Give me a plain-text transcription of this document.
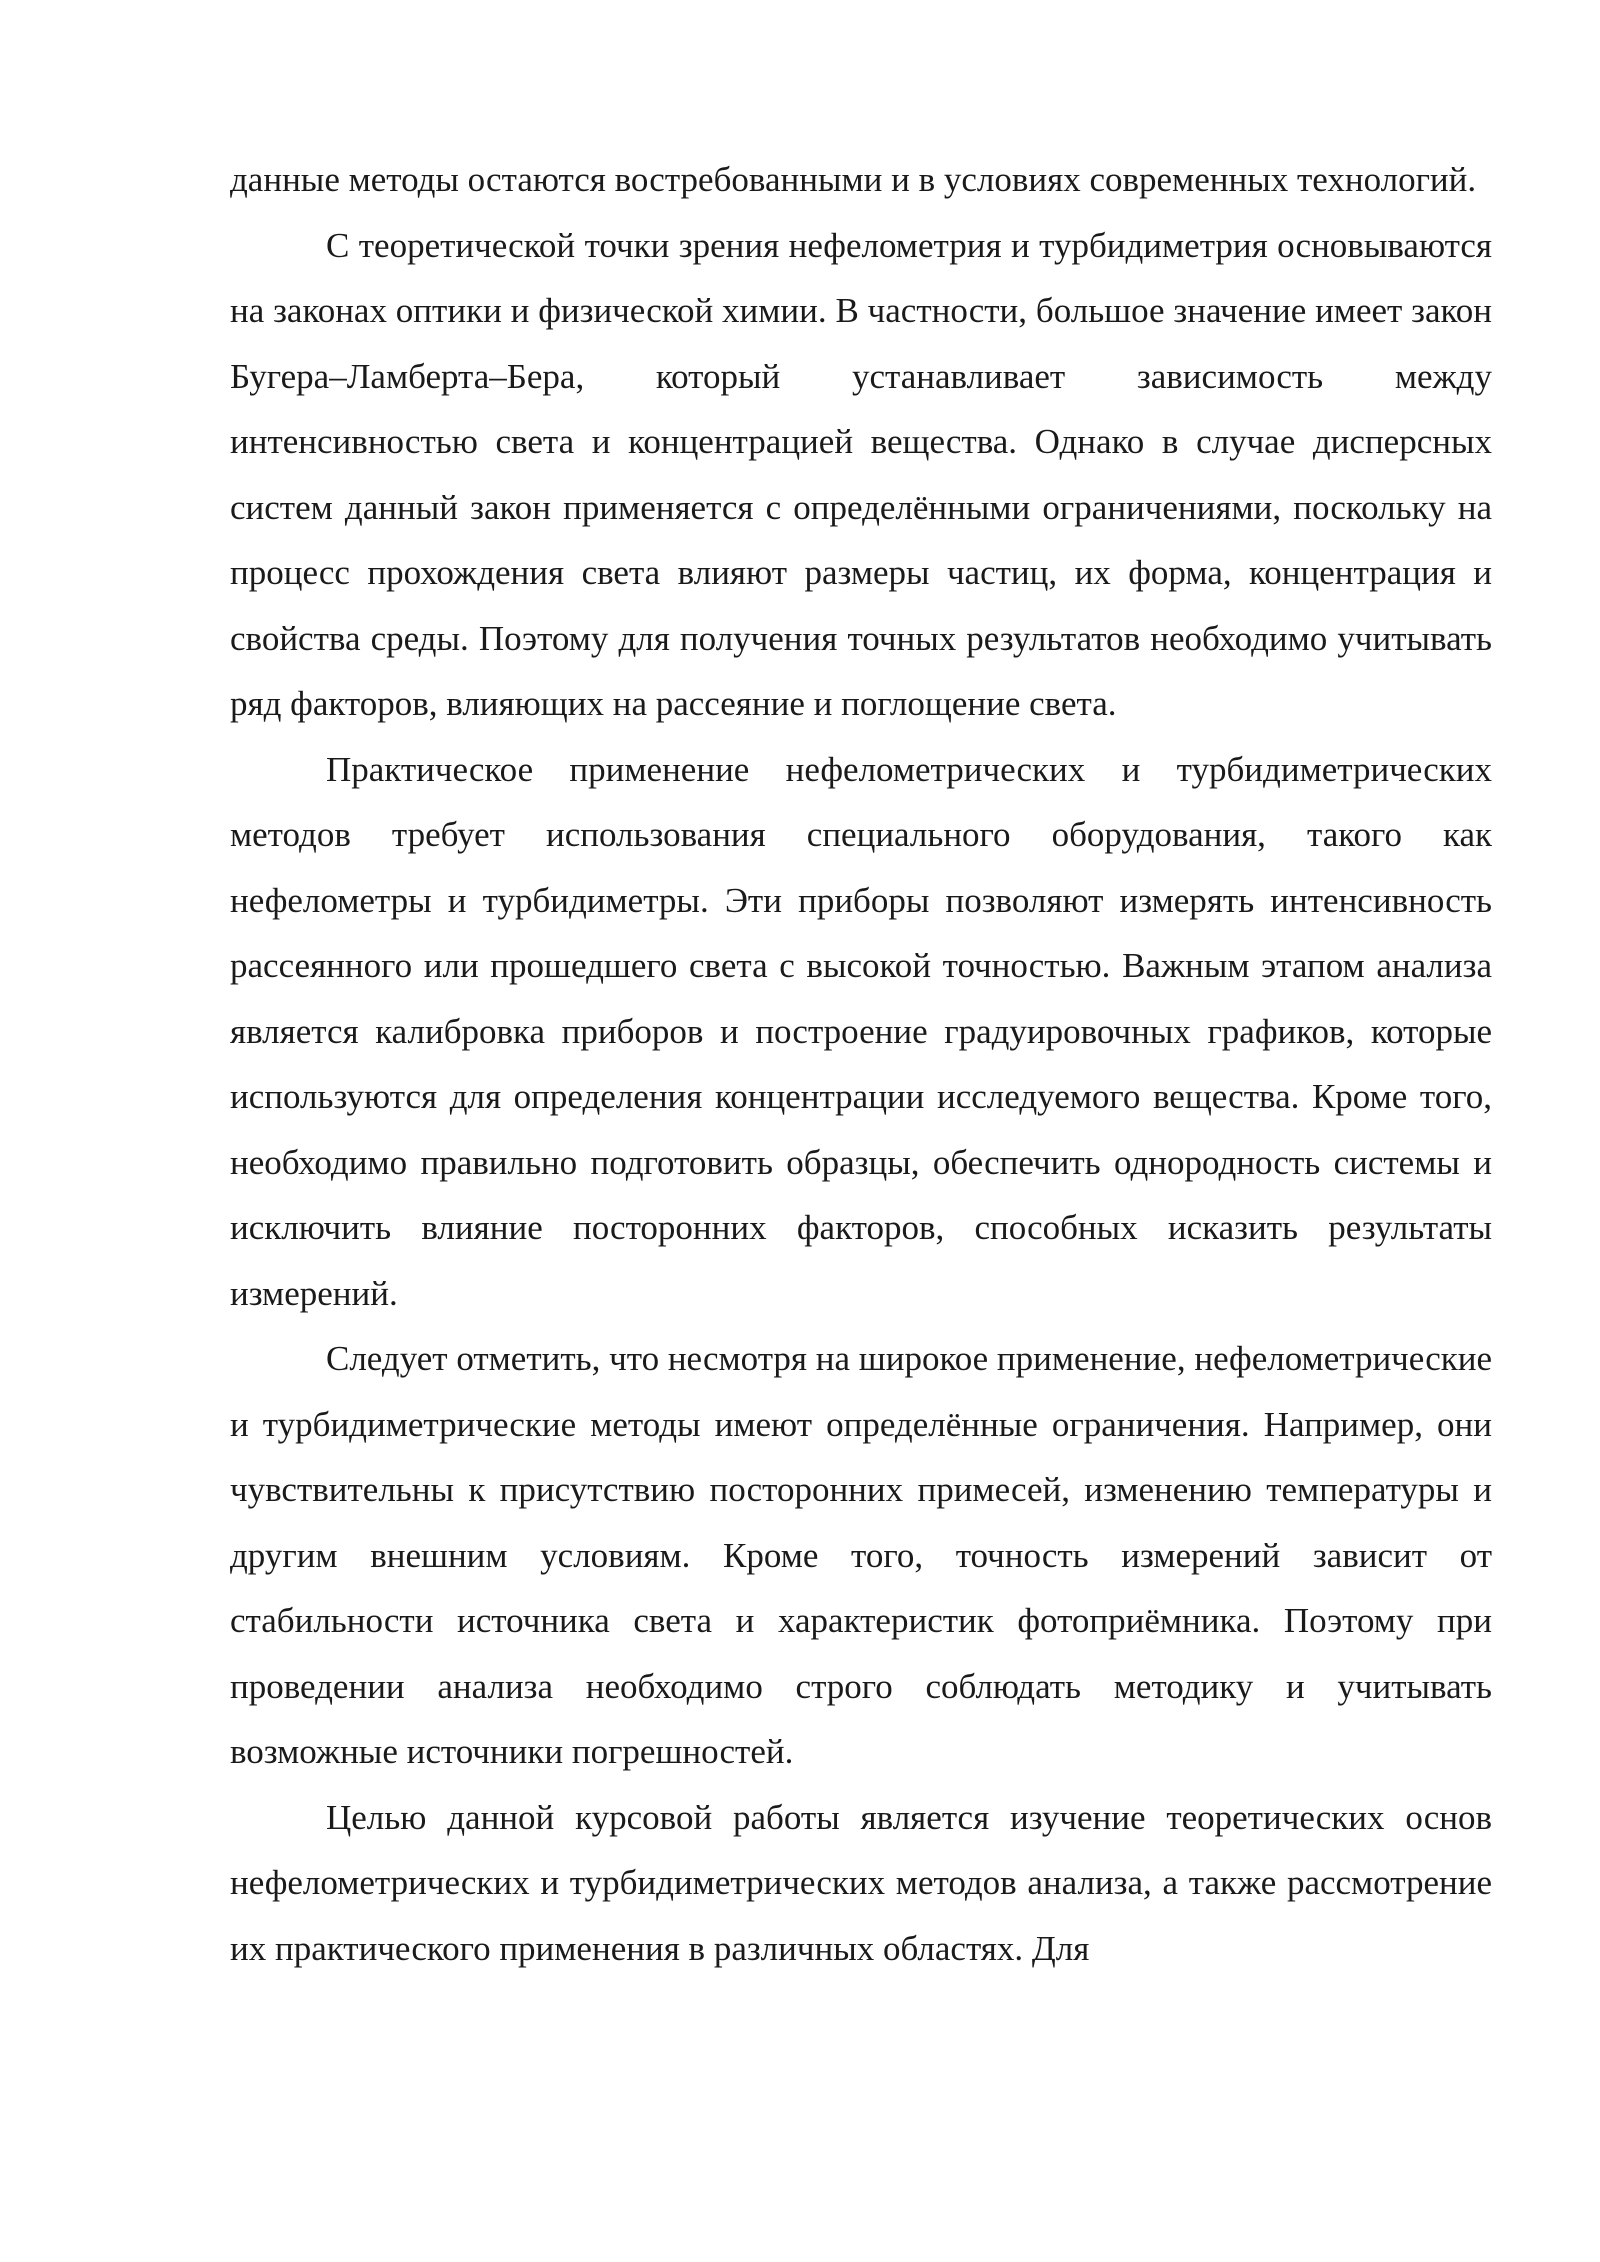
данные методы остаются востребованными и в условиях современных технологий.

С теоретической точки зрения нефелометрия и турбидиметрия основываются на законах оптики и физической химии. В частности, большое значение имеет закон Бугера–Ламберта–Бера, который устанавливает зависимость между интенсивностью света и концентрацией вещества. Однако в случае дисперсных систем данный закон применяется с определёнными ограничениями, поскольку на процесс прохождения света влияют размеры частиц, их форма, концентрация и свойства среды. Поэтому для получения точных результатов необходимо учитывать ряд факторов, влияющих на рассеяние и поглощение света.

Практическое применение нефелометрических и турбидиметрических методов требует использования специального оборудования, такого как нефелометры и турбидиметры. Эти приборы позволяют измерять интенсивность рассеянного или прошедшего света с высокой точностью. Важным этапом анализа является калибровка приборов и построение градуировочных графиков, которые используются для определения концентрации исследуемого вещества. Кроме того, необходимо правильно подготовить образцы, обеспечить однородность системы и исключить влияние посторонних факторов, способных исказить результаты измерений.

Следует отметить, что несмотря на широкое применение, нефелометрические и турбидиметрические методы имеют определённые ограничения. Например, они чувствительны к присутствию посторонних примесей, изменению температуры и другим внешним условиям. Кроме того, точность измерений зависит от стабильности источника света и характеристик фотоприёмника. Поэтому при проведении анализа необходимо строго соблюдать методику и учитывать возможные источники погрешностей.

Целью данной курсовой работы является изучение теоретических основ нефелометрических и турбидиметрических методов анализа, а также рассмотрение их практического применения в различных областях. Для
